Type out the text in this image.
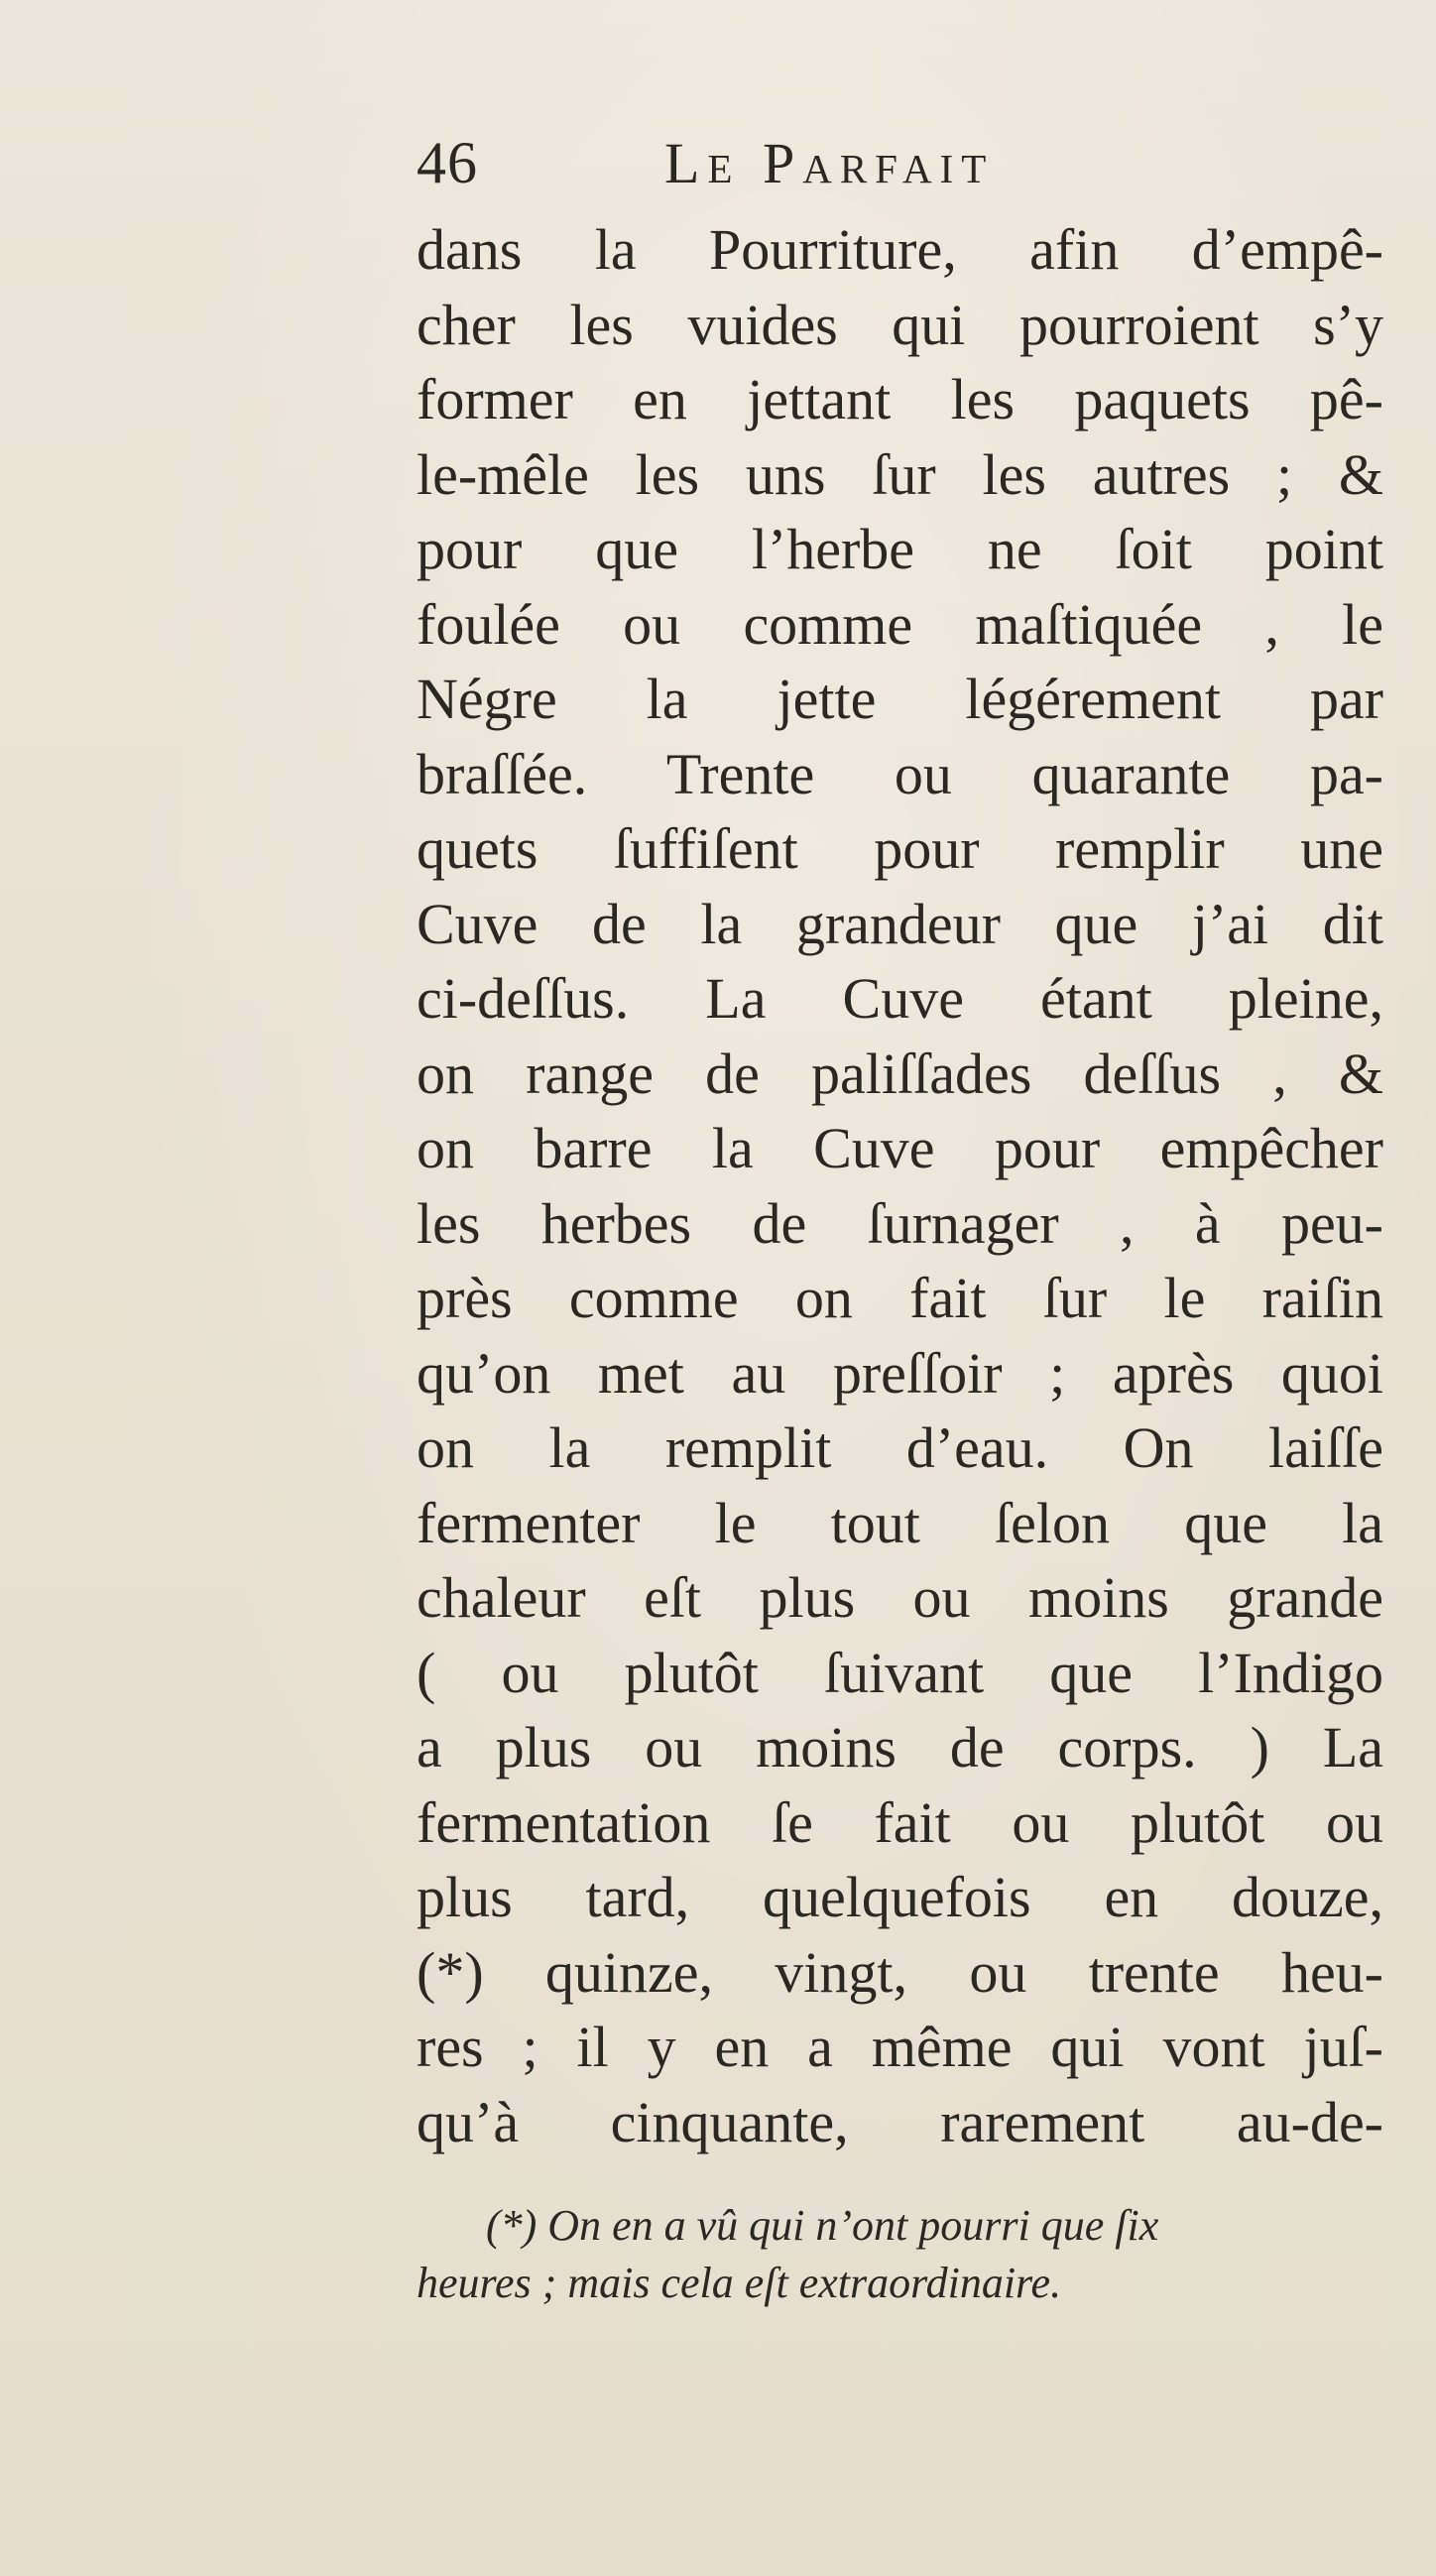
46	Le Parfait
dans la Pourriture, afin d’empê-
cher les vuides qui pourroient s’y
former en jettant les paquets pê-
le-mêle les uns ſur les autres ; &
pour que l’herbe ne ſoit point
foulée ou comme maſtiquée , le
Négre la jette légérement par
braſſée. Trente ou quarante pa-
quets ſuffiſent pour remplir une
Cuve de la grandeur que j’ai dit
ci-deſſus. La Cuve étant pleine,
on range de paliſſades deſſus , &
on barre la Cuve pour empêcher
les herbes de ſurnager , à peu-
près comme on fait ſur le raiſin
qu’on met au preſſoir ; après quoi
on la remplit d’eau. On laiſſe
fermenter le tout ſelon que la
chaleur eſt plus ou moins grande
( ou plutôt ſuivant que l’Indigo
a plus ou moins de corps. ) La
fermentation ſe fait ou plutôt ou
plus tard, quelquefois en douze,
(*) quinze, vingt, ou trente heu-
res ; il y en a même qui vont juſ-
qu’à cinquante, rarement au-de-
(*) On en a vû qui n’ont pourri que ſix
heures ; mais cela eſt extraordinaire.
